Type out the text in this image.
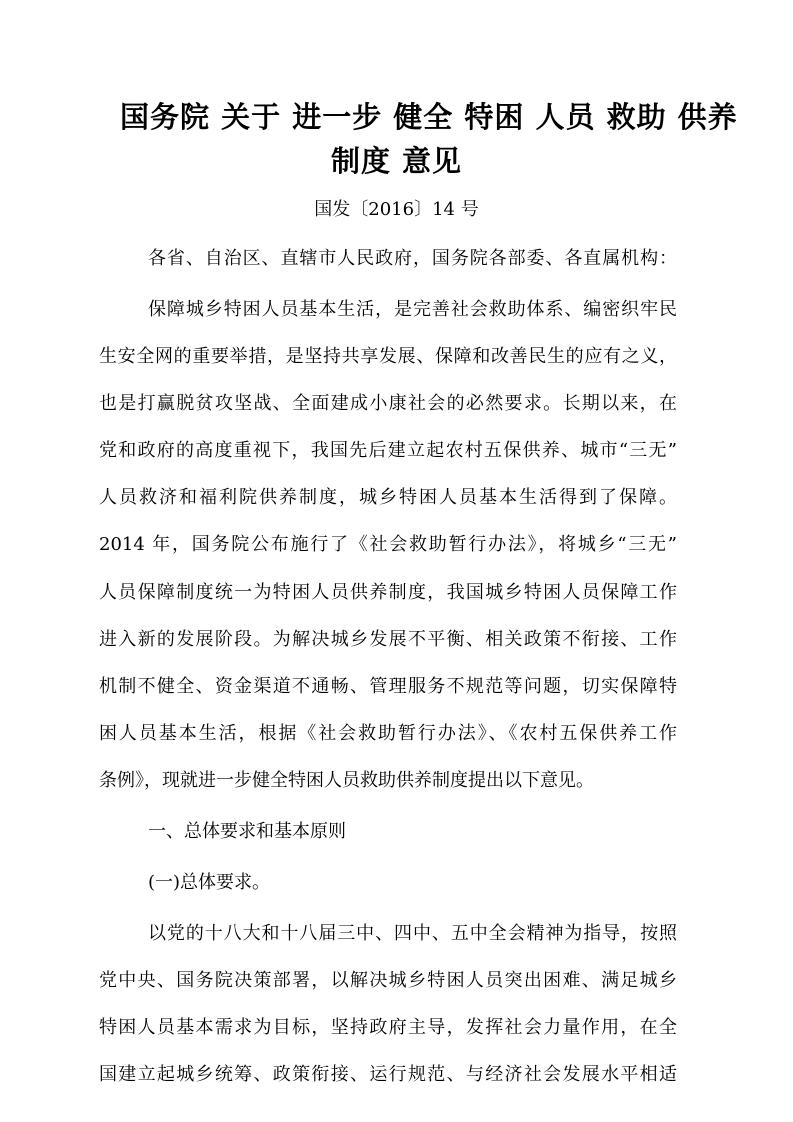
国务院 关于 进一步 健全 特困 人员 救助 供养
制度 意见

国发〔2016〕14 号

各省、自治区、直辖市人民政府，国务院各部委、各直属机构：

保障城乡特困人员基本生活，是完善社会救助体系、编密织牢民

生安全网的重要举措，是坚持共享发展、保障和改善民生的应有之义，

也是打赢脱贫攻坚战、全面建成小康社会的必然要求。长期以来，在

党和政府的高度重视下，我国先后建立起农村五保供养、城市“三无”

人员救济和福利院供养制度，城乡特困人员基本生活得到了保障。

2014 年，国务院公布施行了《社会救助暂行办法》，将城乡“三无”

人员保障制度统一为特困人员供养制度，我国城乡特困人员保障工作

进入新的发展阶段。为解决城乡发展不平衡、相关政策不衔接、工作

机制不健全、资金渠道不通畅、管理服务不规范等问题，切实保障特

困人员基本生活，根据《社会救助暂行办法》、《农村五保供养工作

条例》，现就进一步健全特困人员救助供养制度提出以下意见。

一、总体要求和基本原则

(一)总体要求。

以党的十八大和十八届三中、四中、五中全会精神为指导，按照

党中央、国务院决策部署，以解决城乡特困人员突出困难、满足城乡

特困人员基本需求为目标，坚持政府主导，发挥社会力量作用，在全

国建立起城乡统筹、政策衔接、运行规范、与经济社会发展水平相适
